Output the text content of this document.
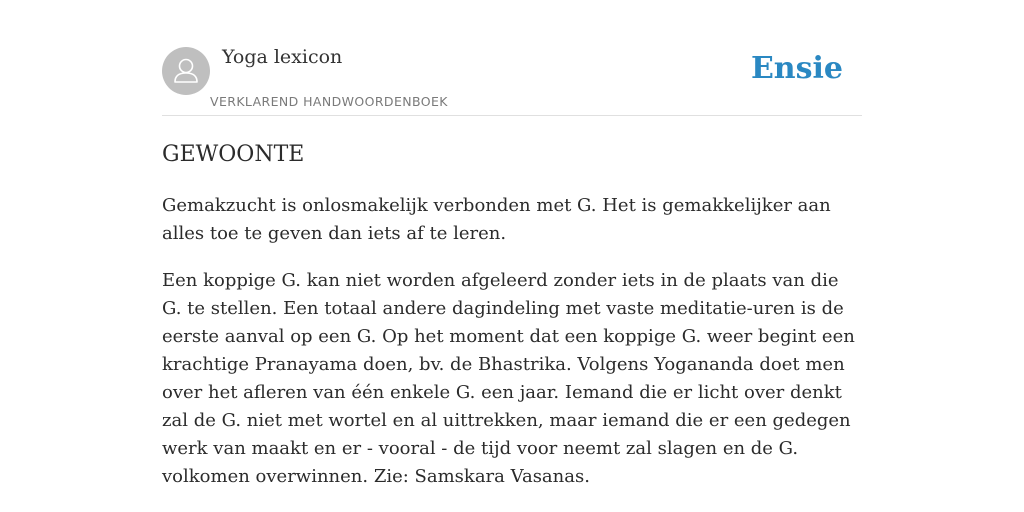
Yoga lexicon
VERKLAREND HANDWOORDENBOEK
Ensie
GEWOONTE

Gemakzucht is onlosmakelijk verbonden met G. Het is gemakkelijker aan alles toe te geven dan iets af te leren.

Een koppige G. kan niet worden afgeleerd zonder iets in de plaats van die G. te stellen. Een totaal andere dagindeling met vaste meditatie-uren is de eerste aanval op een G. Op het moment dat een koppige G. weer begint een krachtige Pranayama doen, bv. de Bhastrika. Volgens Yogananda doet men over het afleren van één enkele G. een jaar. Iemand die er licht over denkt zal de G. niet met wortel en al uittrekken, maar iemand die er een gedegen werk van maakt en er - vooral - de tijd voor neemt zal slagen en de G. volkomen overwinnen. Zie: Samskara Vasanas.
